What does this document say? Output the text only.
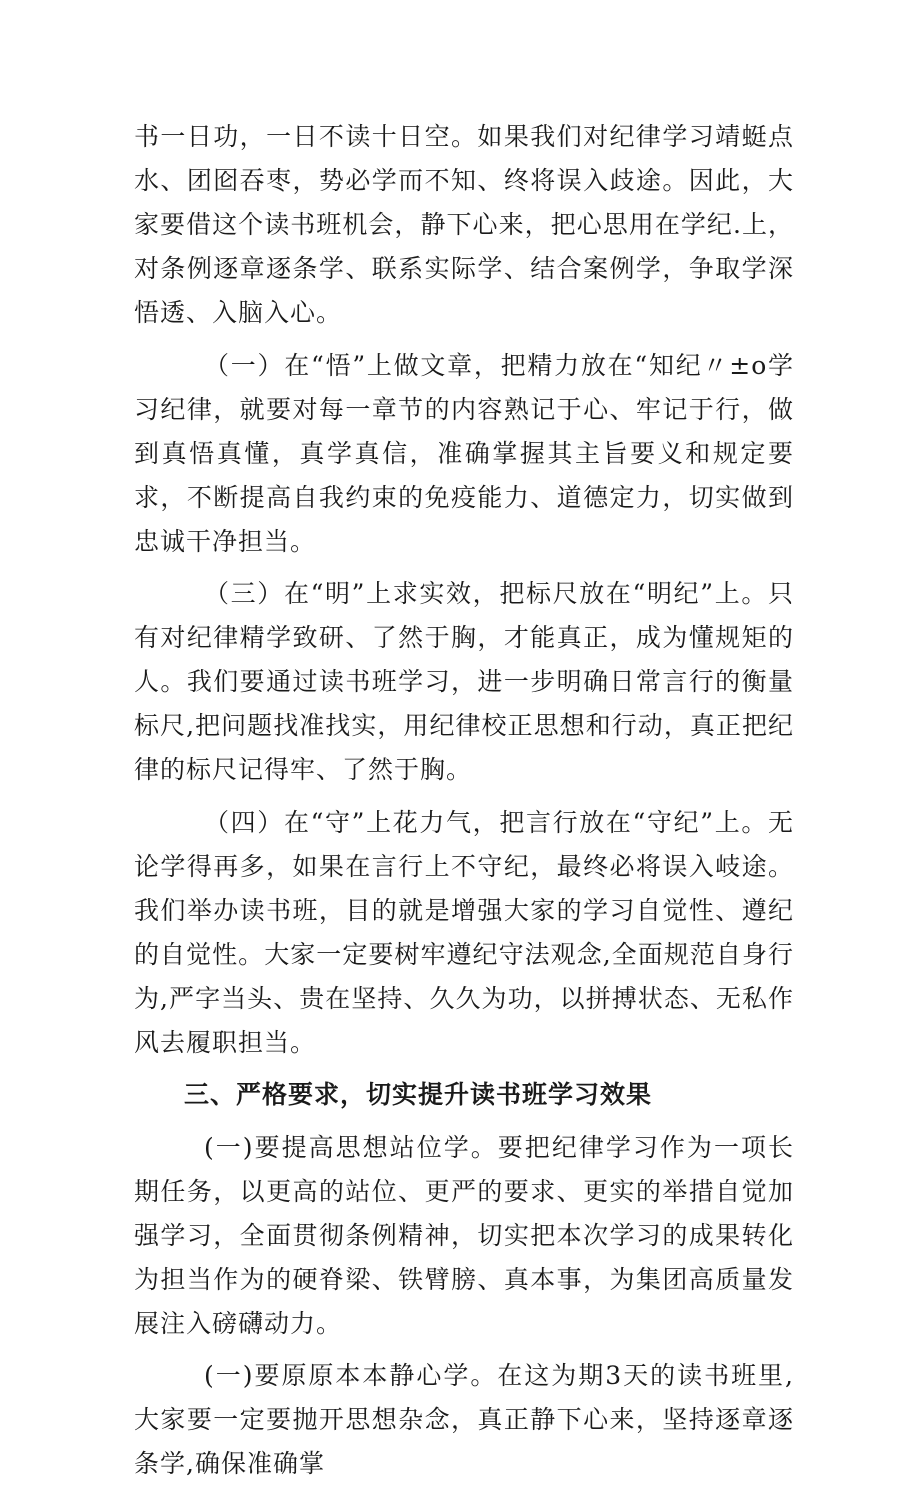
书一日功，一日不读十日空。如果我们对纪律学习靖蜓点水、团囵吞枣，势必学而不知、终将误入歧途。因此，大家要借这个读书班机会，静下心来，把心思用在学纪.上，对条例逐章逐条学、联系实际学、结合案例学，争取学深悟透、入脑入心。

（一）在“悟”上做文章，把精力放在“知纪〃±o学习纪律，就要对每一章节的内容熟记于心、牢记于行，做到真悟真懂，真学真信，准确掌握其主旨要义和规定要求，不断提高自我约束的免疫能力、道德定力，切实做到忠诚干净担当。

（三）在“明”上求实效，把标尺放在“明纪”上。只有对纪律精学致研、了然于胸，才能真正，成为懂规矩的人。我们要通过读书班学习，进一步明确日常言行的衡量标尺,把问题找准找实，用纪律校正思想和行动，真正把纪律的标尺记得牢、了然于胸。

（四）在“守”上花力气，把言行放在“守纪”上。无论学得再多，如果在言行上不守纪，最终必将误入岐途。我们举办读书班，目的就是增强大家的学习自觉性、遵纪的自觉性。大家一定要树牢遵纪守法观念,全面规范自身行为,严字当头、贵在坚持、久久为功，以拼搏状态、无私作风去履职担当。

三、严格要求，切实提升读书班学习效果

(一)要提高思想站位学。要把纪律学习作为一项长期任务，以更高的站位、更严的要求、更实的举措自觉加强学习，全面贯彻条例精神，切实把本次学习的成果转化为担当作为的硬脊梁、铁臂膀、真本事，为集团高质量发展注入磅礴动力。

(一)要原原本本静心学。在这为期3天的读书班里,大家要一定要抛开思想杂念，真正静下心来，坚持逐章逐条学,确保准确掌
